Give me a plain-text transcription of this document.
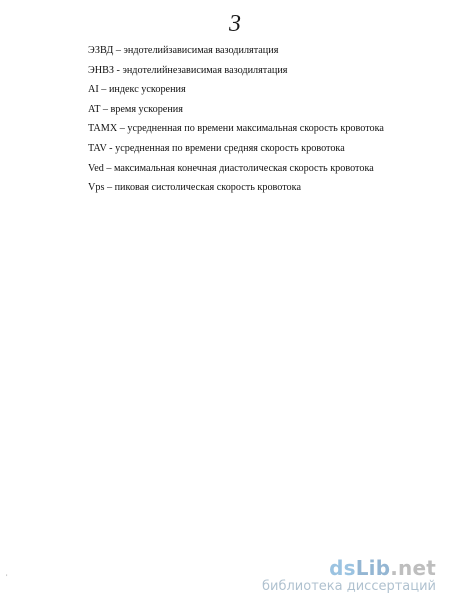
3
ЭЗВД – эндотелийзависимая вазодилятация
ЭНВЗ - эндотелийнезависимая вазодилятация
AI – индекс ускорения
AT – время ускорения
TAMX – усредненная по времени максимальная скорость кровотока
TAV - усредненная по времени средняя скорость кровотока
Ved – максимальная конечная диастолическая скорость кровотока
Vps – пиковая систолическая скорость кровотока
,	dsLib.net
библиотека диссертаций
